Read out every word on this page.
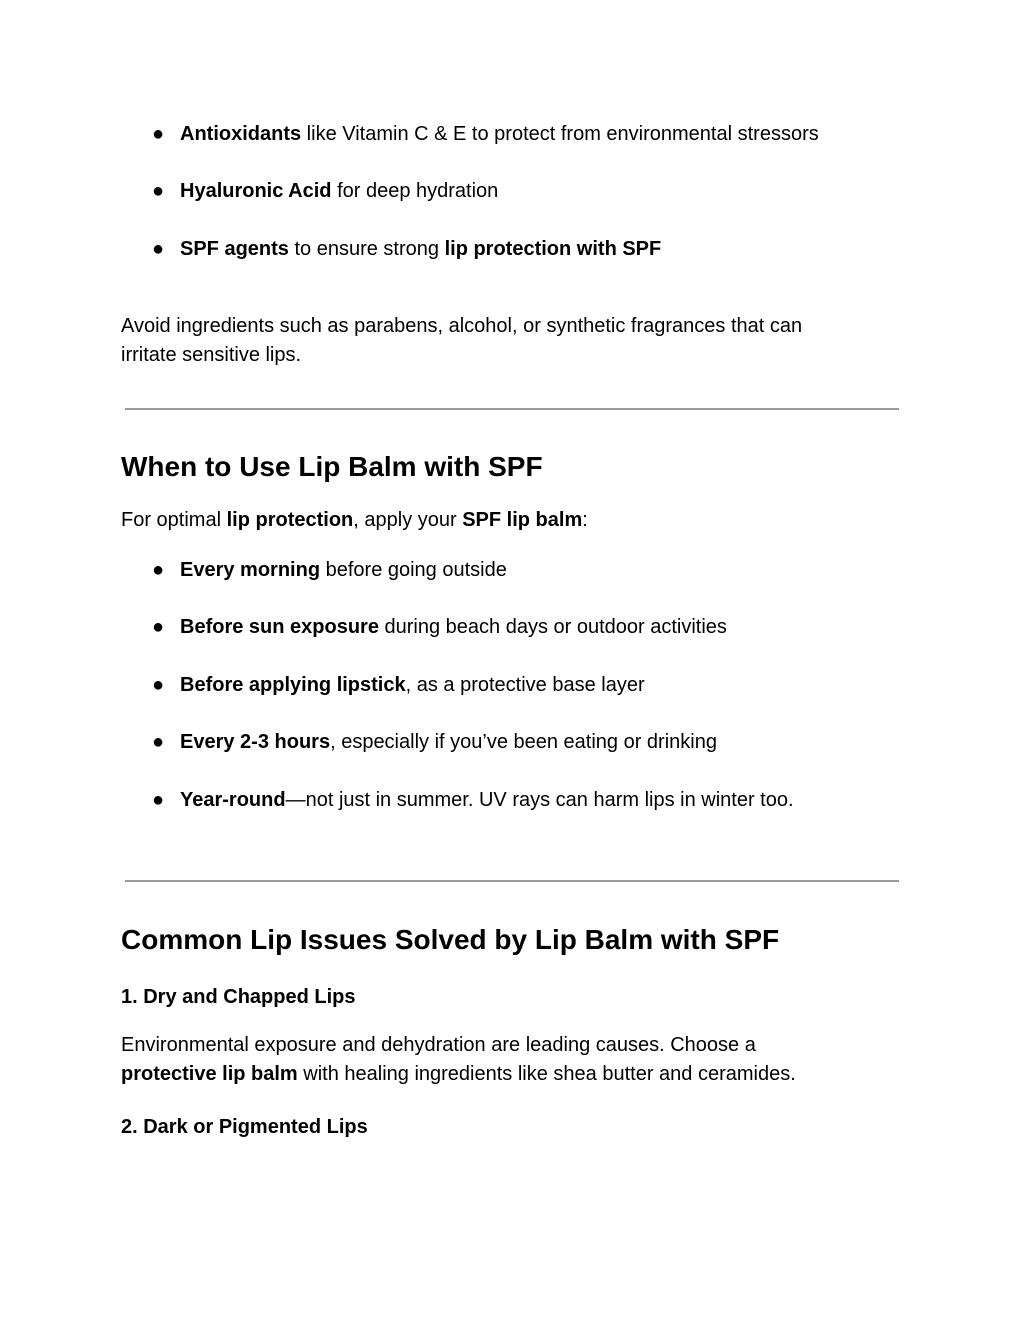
● Antioxidants like Vitamin C & E to protect from environmental stressors
● Hyaluronic Acid for deep hydration
● SPF agents to ensure strong lip protection with SPF
Avoid ingredients such as parabens, alcohol, or synthetic fragrances that can
irritate sensitive lips.
When to Use Lip Balm with SPF
For optimal lip protection, apply your SPF lip balm:
● Every morning before going outside
● Before sun exposure during beach days or outdoor activities
● Before applying lipstick, as a protective base layer
● Every 2-3 hours, especially if you’ve been eating or drinking
● Year-round—not just in summer. UV rays can harm lips in winter too.
Common Lip Issues Solved by Lip Balm with SPF
1. Dry and Chapped Lips
Environmental exposure and dehydration are leading causes. Choose a
protective lip balm with healing ingredients like shea butter and ceramides.
2. Dark or Pigmented Lips
